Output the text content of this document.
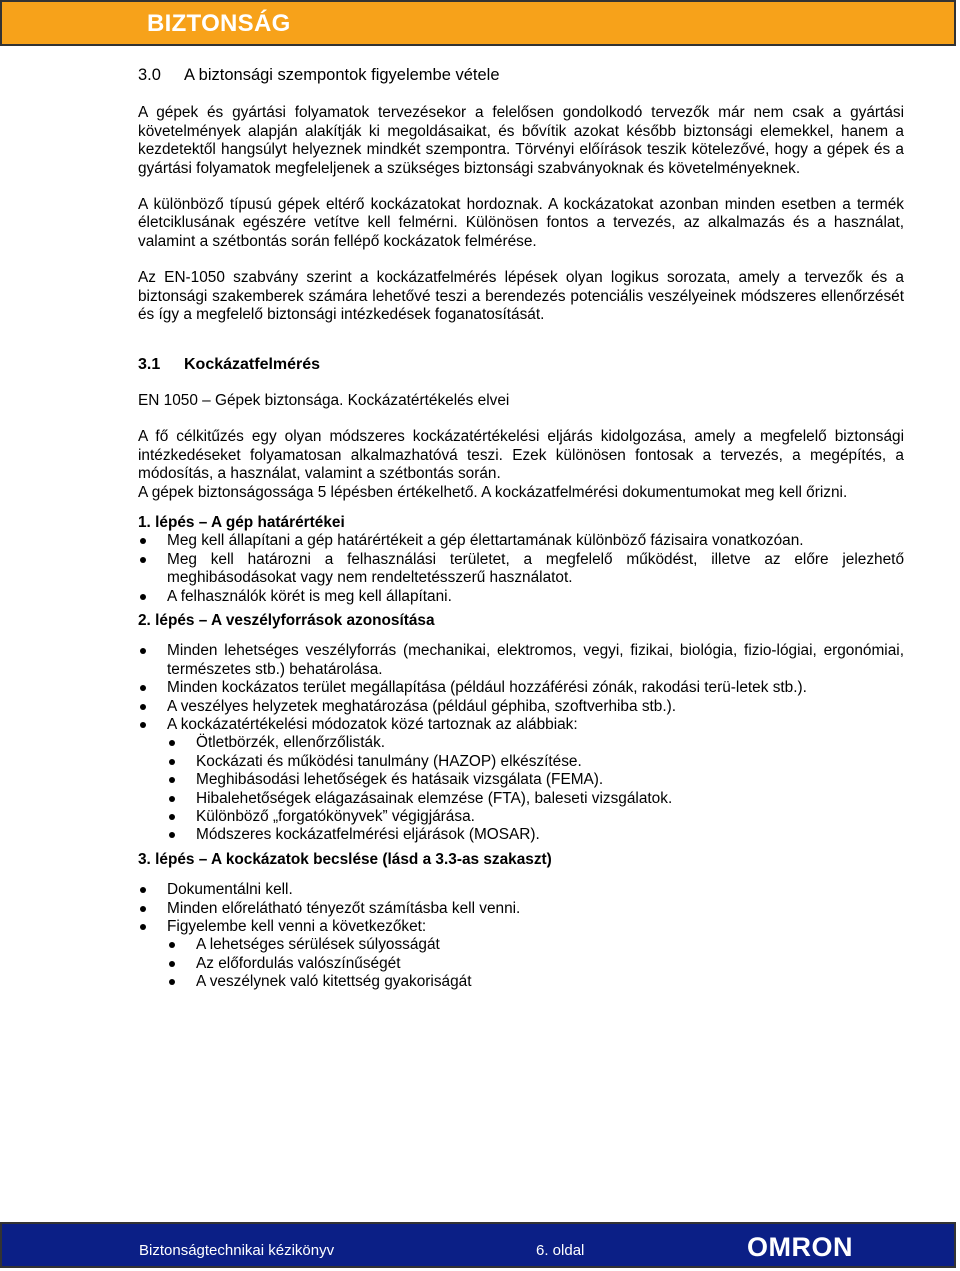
BIZTONSÁG
3.0	A biztonsági szempontok figyelembe vétele

A gépek és gyártási folyamatok tervezésekor a felelősen gondolkodó tervezők már nem csak a gyártási követelmények alapján alakítják ki megoldásaikat, és bővítik azokat később biztonsági elemekkel, hanem a kezdetektől hangsúlyt helyeznek mindkét szempontra. Törvényi előírások teszik kötelezővé, hogy a gépek és a gyártási folyamatok megfeleljenek a szükséges biztonsági szabványoknak és követelményeknek.

A különböző típusú gépek eltérő kockázatokat hordoznak. A kockázatokat azonban minden esetben a termék életciklusának egészére vetítve kell felmérni. Különösen fontos a tervezés, az alkalmazás és a használat, valamint a szétbontás során fellépő kockázatok felmérése.

Az EN-1050 szabvány szerint a kockázatfelmérés lépések olyan logikus sorozata, amely a tervezők és a biztonsági szakemberek számára lehetővé teszi a berendezés potenciális veszélyeinek módszeres ellenőrzését és így a megfelelő biztonsági intézkedések foganatosítását.

3.1	Kockázatfelmérés

EN 1050 – Gépek biztonsága. Kockázatértékelés elvei

A fő célkitűzés egy olyan módszeres kockázatértékelési eljárás kidolgozása, amely a megfelelő biztonsági intézkedéseket folyamatosan alkalmazhatóvá teszi. Ezek különösen fontosak a tervezés, a megépítés, a módosítás, a használat, valamint a szétbontás során.

A gépek biztonságossága 5 lépésben értékelhető. A kockázatfelmérési dokumentumokat meg kell őrizni.

1. lépés – A gép határértékei

Meg kell állapítani a gép határértékeit a gép élettartamának különböző fázisaira vonatkozóan.
Meg kell határozni a felhasználási területet, a megfelelő működést, illetve az előre jelezhető meghibásodásokat vagy nem rendeltetésszerű használatot.
A felhasználók körét is meg kell állapítani.

2. lépés – A veszélyforrások azonosítása

Minden lehetséges veszélyforrás (mechanikai, elektromos, vegyi, fizikai, biológia, fizio-lógiai, ergonómiai, természetes stb.) behatárolása.
Minden kockázatos terület megállapítása (például hozzáférési zónák, rakodási terü-letek stb.).
A veszélyes helyzetek meghatározása (például géphiba, szoftverhiba stb.).
A kockázatértékelési módozatok közé tartoznak az alábbiak:
Ötletbörzék, ellenőrzőlisták.
Kockázati és működési tanulmány (HAZOP) elkészítése.
Meghibásodási lehetőségek és hatásaik vizsgálata (FEMA).
Hibalehetőségek elágazásainak elemzése (FTA), baleseti vizsgálatok.
Különböző „forgatókönyvek” végigjárása.
Módszeres kockázatfelmérési eljárások (MOSAR).

3. lépés – A kockázatok becslése (lásd a 3.3-as szakaszt)

Dokumentálni kell.
Minden előrelátható tényezőt számításba kell venni.
Figyelembe kell venni a következőket:
A lehetséges sérülések súlyosságát
Az előfordulás valószínűségét
A veszélynek való kitettség gyakoriságát
Biztonságtechnikai kézikönyv	6. oldal	OMRON
